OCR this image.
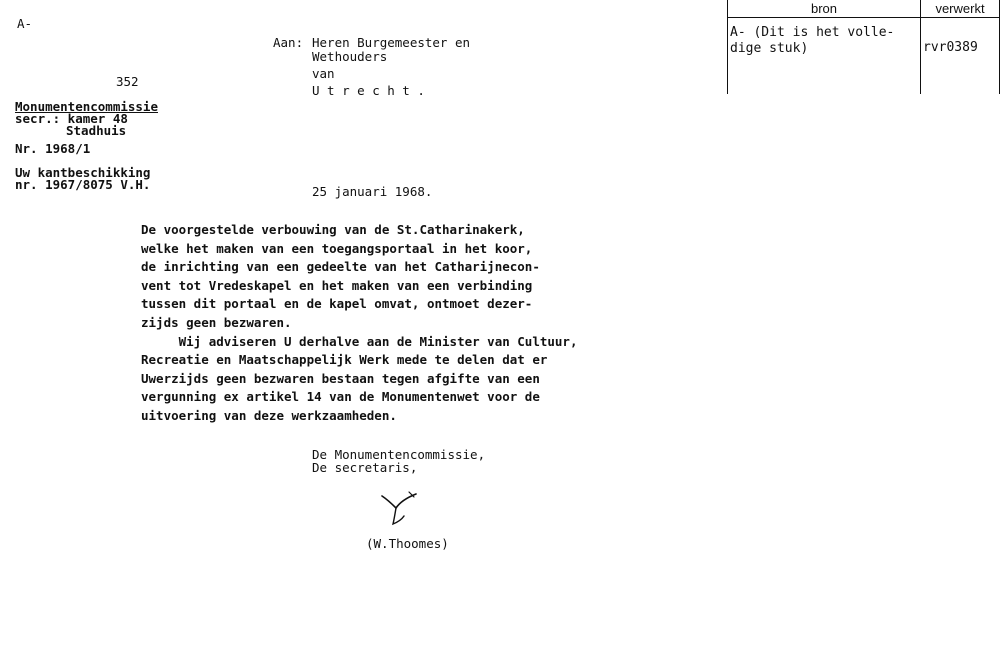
A-
Aan: Heren Burgemeester en
Wethouders
van
U t r e c h t .
352
Monumentencommissie
secr.: kamer 48
Stadhuis
Nr. 1968/1
Uw kantbeschikking
nr. 1967/8075 V.H.	25 januari 1968.
De voorgestelde verbouwing van de St.Catharinakerk,
welke het maken van een toegangsportaal in het koor,
de inrichting van een gedeelte van het Catharijnecon-
vent tot Vredeskapel en het maken van een verbinding
tussen dit portaal en de kapel omvat, ontmoet dezer-
zijds geen bezwaren.
Wij adviseren U derhalve aan de Minister van Cultuur,
Recreatie en Maatschappelijk Werk mede te delen dat er
Uwerzijds geen bezwaren bestaan tegen afgifte van een
vergunning ex artikel 14 van de Monumentenwet voor de
uitvoering van deze werkzaamheden.
De Monumentencommissie,
De secretaris,
(W.Thoomes)
bron	verwerkt
A- (Dit is het volle-
dige stuk)	rvr0389
